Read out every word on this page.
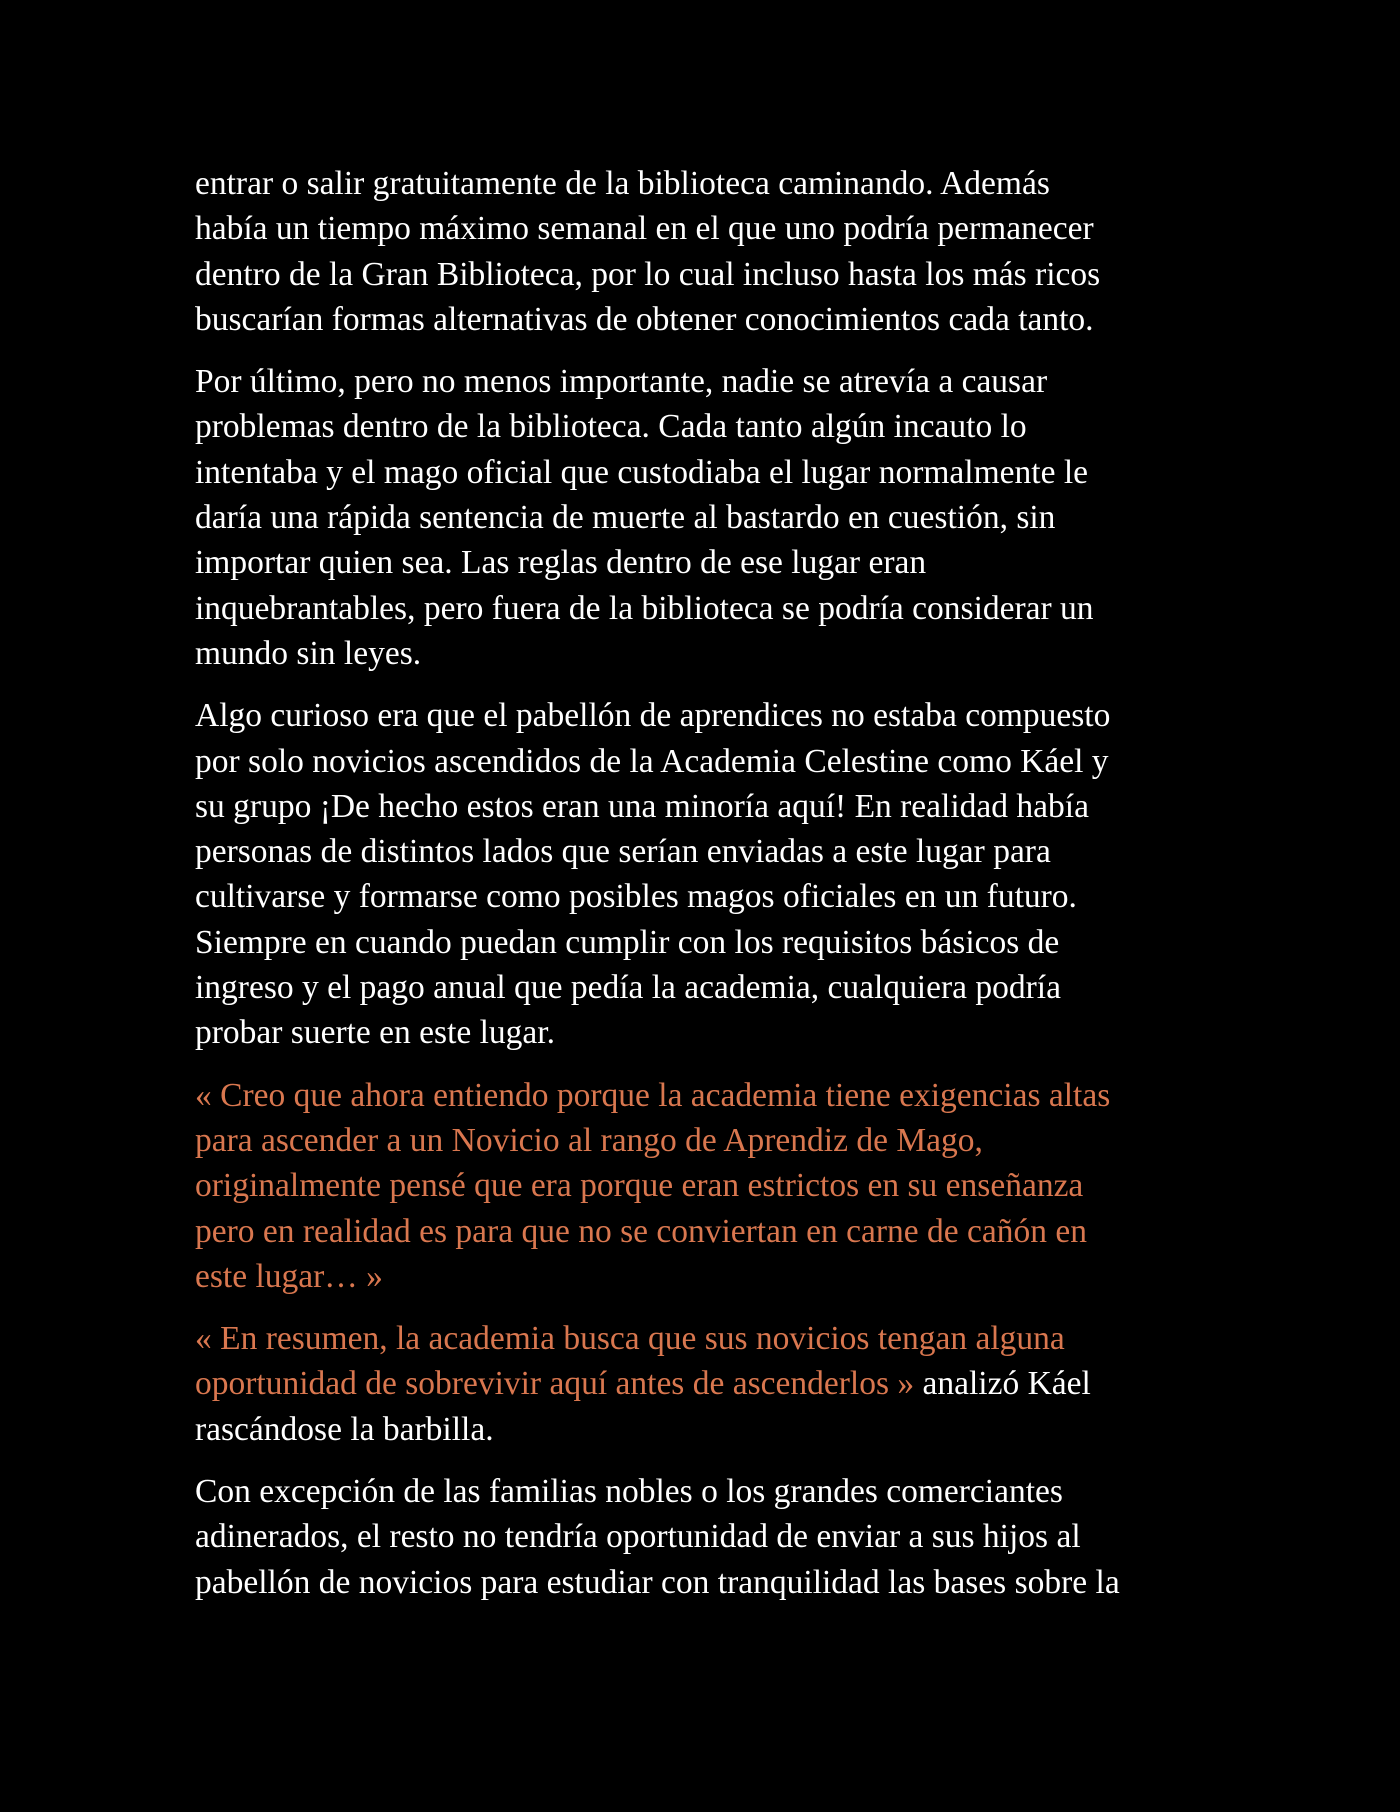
entrar o salir gratuitamente de la biblioteca caminando. Además
había un tiempo máximo semanal en el que uno podría permanecer
dentro de la Gran Biblioteca, por lo cual incluso hasta los más ricos
buscarían formas alternativas de obtener conocimientos cada tanto.

Por último, pero no menos importante, nadie se atrevía a causar
problemas dentro de la biblioteca. Cada tanto algún incauto lo
intentaba y el mago oficial que custodiaba el lugar normalmente le
daría una rápida sentencia de muerte al bastardo en cuestión, sin
importar quien sea. Las reglas dentro de ese lugar eran
inquebrantables, pero fuera de la biblioteca se podría considerar un
mundo sin leyes.

Algo curioso era que el pabellón de aprendices no estaba compuesto
por solo novicios ascendidos de la Academia Celestine como Káel y
su grupo ¡De hecho estos eran una minoría aquí! En realidad había
personas de distintos lados que serían enviadas a este lugar para
cultivarse y formarse como posibles magos oficiales en un futuro.
Siempre en cuando puedan cumplir con los requisitos básicos de
ingreso y el pago anual que pedía la academia, cualquiera podría
probar suerte en este lugar.

« Creo que ahora entiendo porque la academia tiene exigencias altas
para ascender a un Novicio al rango de Aprendiz de Mago,
originalmente pensé que era porque eran estrictos en su enseñanza
pero en realidad es para que no se conviertan en carne de cañón en
este lugar… »

« En resumen, la academia busca que sus novicios tengan alguna
oportunidad de sobrevivir aquí antes de ascenderlos » analizó Káel
rascándose la barbilla.

Con excepción de las familias nobles o los grandes comerciantes
adinerados, el resto no tendría oportunidad de enviar a sus hijos al
pabellón de novicios para estudiar con tranquilidad las bases sobre la
